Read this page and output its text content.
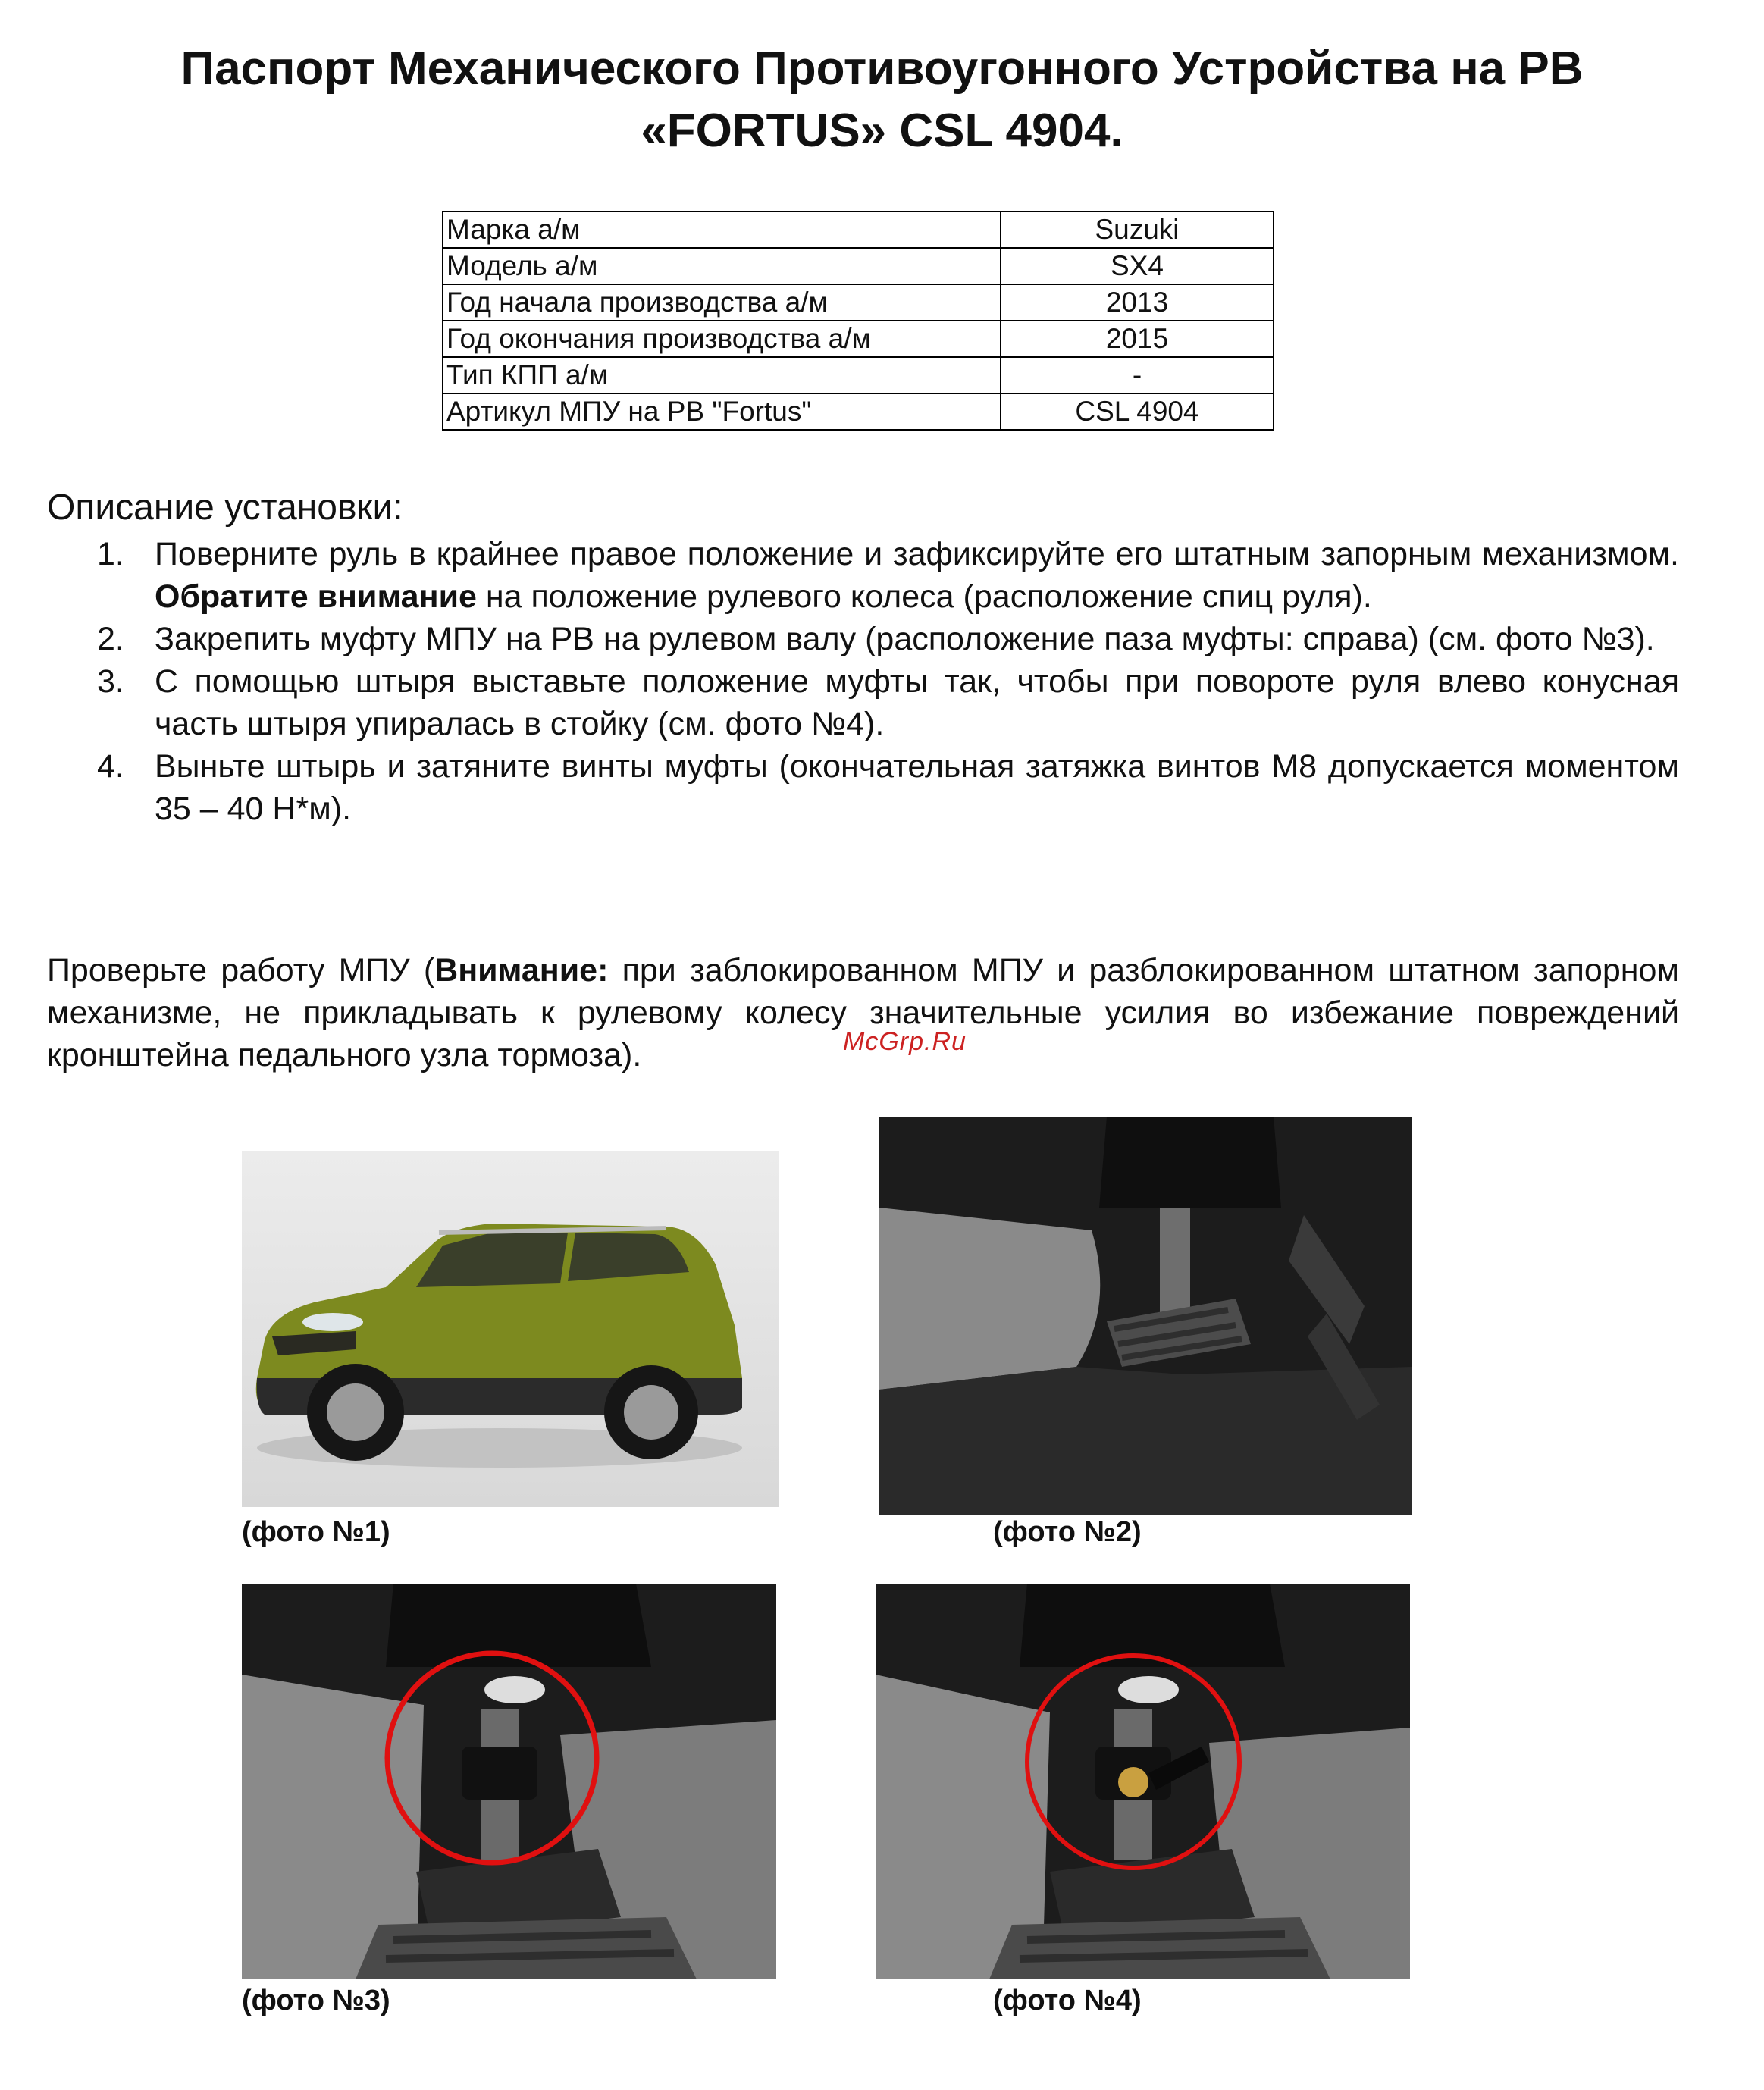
Паспорт Механического Противоугонного Устройства на РВ
«FORTUS» CSL 4904.
Марка а/м	Suzuki
Модель а/м	SX4
Год начала производства а/м	2013
Год окончания производства а/м	2015
Тип КПП а/м	-
Артикул МПУ на РВ "Fortus"	CSL 4904
Описание установки:
1. Поверните руль в крайнее правое положение и зафиксируйте его штатным запорным механизмом. Обратите внимание на положение рулевого колеса (расположение спиц руля).
2. Закрепить муфту МПУ на РВ на рулевом валу (расположение паза муфты: справа) (см. фото №3).
3. С помощью штыря выставьте положение муфты так, чтобы при повороте руля влево конусная часть штыря упиралась в стойку (см. фото №4).
4. Выньте штырь и затяните винты муфты (окончательная затяжка винтов М8 допускается моментом 35 – 40 Н*м).

Проверьте работу МПУ (Внимание: при заблокированном МПУ и разблокированном штатном запорном механизме, не прикладывать к рулевому колесу значительные усилия во избежание повреждений кронштейна педального узла тормоза).	McGrp.Ru
(фото №1)	(фото №2)
(фото №3)	(фото №4)
